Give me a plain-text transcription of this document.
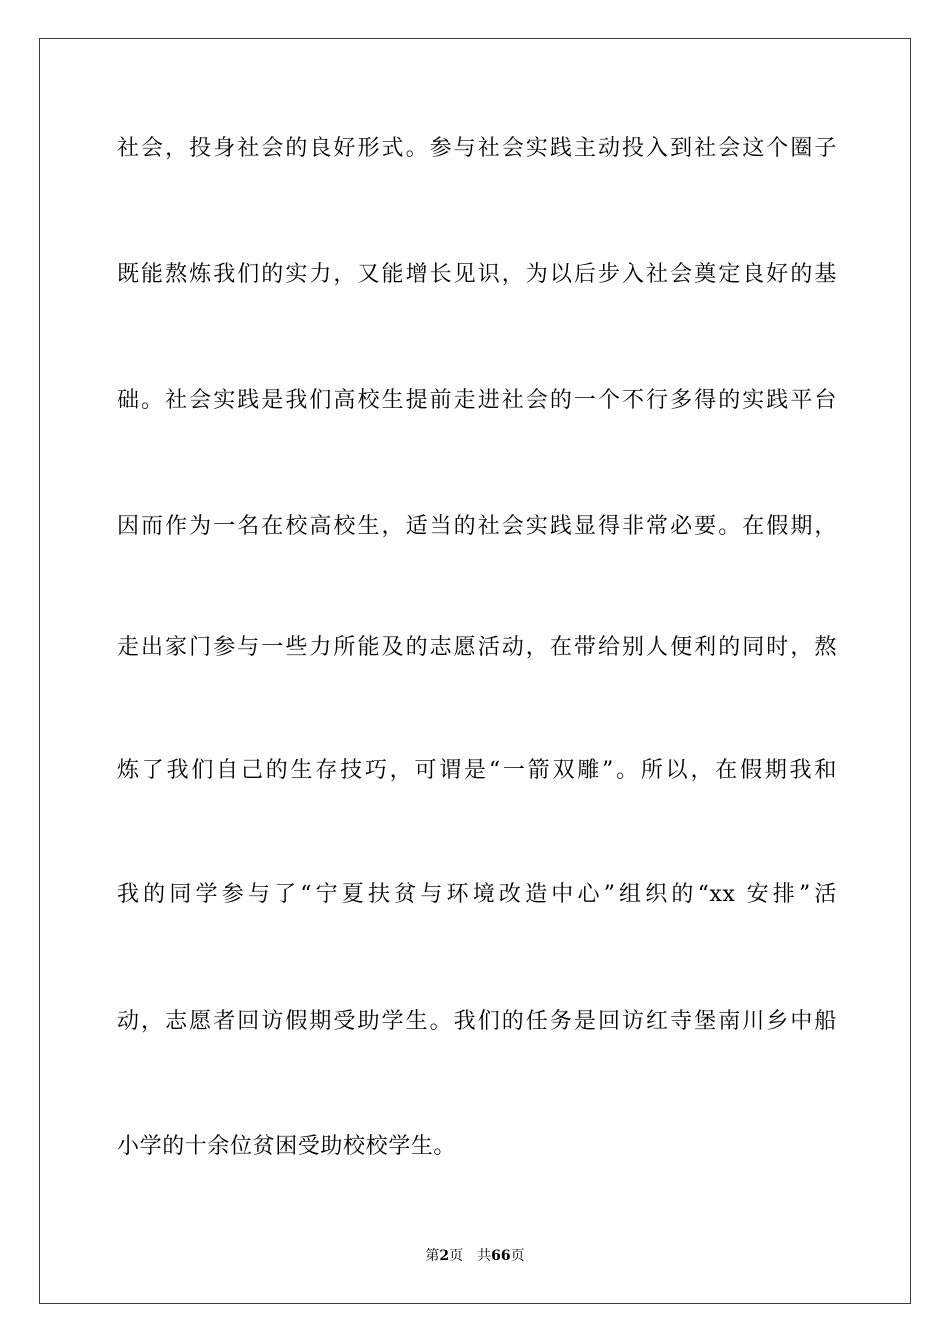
社会，投身社会的良好形式。参与社会实践主动投入到社会这个圈子
既能熬炼我们的实力，又能增长见识，为以后步入社会奠定良好的基
础。社会实践是我们高校生提前走进社会的一个不行多得的实践平台
因而作为一名在校高校生，适当的社会实践显得非常必要。在假期，
走出家门参与一些力所能及的志愿活动，在带给别人便利的同时，熬
炼了我们自己的生存技巧，可谓是“一箭双雕”。所以，在假期我和
我的同学参与了“宁夏扶贫与环境改造中心”组织的“xx 安排”活
动，志愿者回访假期受助学生。我们的任务是回访红寺堡南川乡中船
小学的十余位贫困受助校校学生。
第2页 共66页
